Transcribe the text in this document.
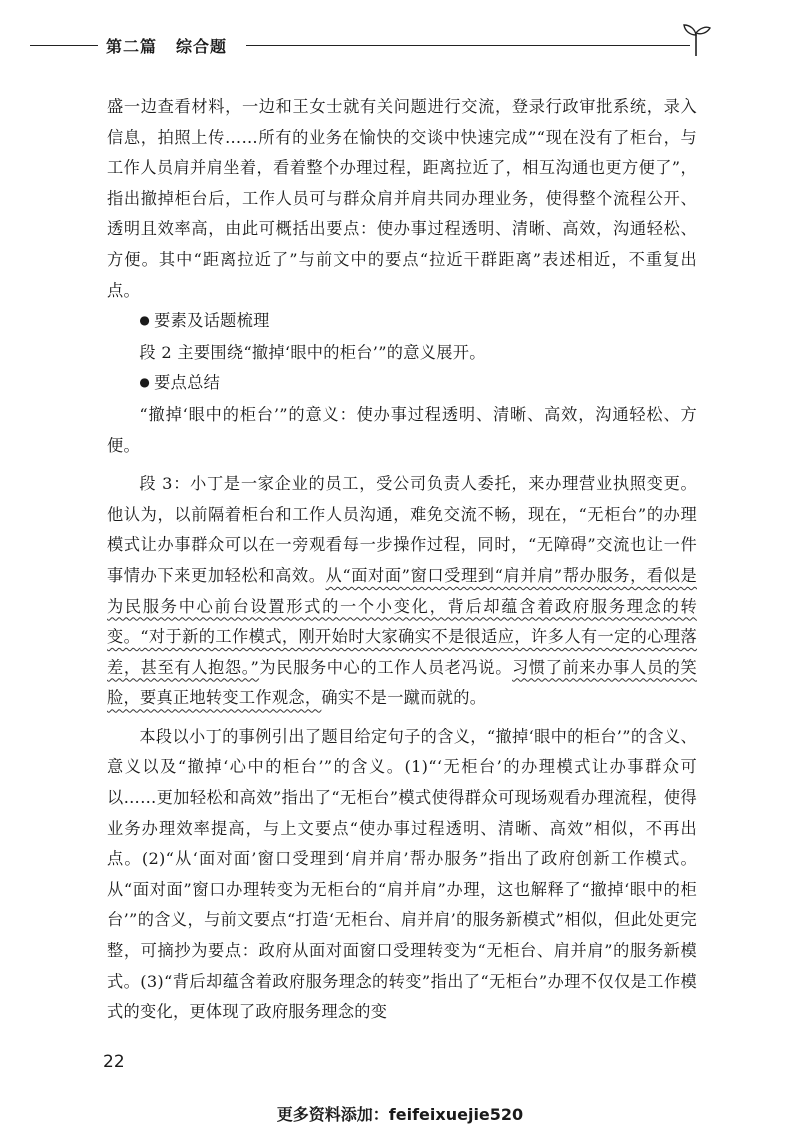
第二篇 综合题

盛一边查看材料，一边和王女士就有关问题进行交流，登录行政审批系统，录入信息，拍照上传……所有的业务在愉快的交谈中快速完成”“现在没有了柜台，与工作人员肩并肩坐着，看着整个办理过程，距离拉近了，相互沟通也更方便了”，指出撤掉柜台后，工作人员可与群众肩并肩共同办理业务，使得整个流程公开、透明且效率高，由此可概括出要点：使办事过程透明、清晰、高效，沟通轻松、方便。其中“距离拉近了”与前文中的要点“拉近干群距离”表述相近，不重复出点。

● 要素及话题梳理

段 2 主要围绕“撤掉‘眼中的柜台’”的意义展开。

● 要点总结

“撤掉‘眼中的柜台’”的意义：使办事过程透明、清晰、高效，沟通轻松、方便。

段 3：小丁是一家企业的员工，受公司负责人委托，来办理营业执照变更。他认为，以前隔着柜台和工作人员沟通，难免交流不畅，现在，“无柜台”的办理模式让办事群众可以在一旁观看每一步操作过程，同时，“无障碍”交流也让一件事情办下来更加轻松和高效。从“面对面”窗口受理到“肩并肩”帮办服务，看似是为民服务中心前台设置形式的一个小变化，背后却蕴含着政府服务理念的转变。“对于新的工作模式，刚开始时大家确实不是很适应，许多人有一定的心理落差，甚至有人抱怨。”为民服务中心的工作人员老冯说。习惯了前来办事人员的笑脸，要真正地转变工作观念，确实不是一蹴而就的。

本段以小丁的事例引出了题目给定句子的含义，“撤掉‘眼中的柜台’”的含义、意义以及“撤掉‘心中的柜台’”的含义。(1)“‘无柜台’的办理模式让办事群众可以……更加轻松和高效”指出了“无柜台”模式使得群众可现场观看办理流程，使得业务办理效率提高，与上文要点“使办事过程透明、清晰、高效”相似，不再出点。(2)“从‘面对面’窗口受理到‘肩并肩’帮办服务”指出了政府创新工作模式。从“面对面”窗口办理转变为无柜台的“肩并肩”办理，这也解释了“撤掉‘眼中的柜台’”的含义，与前文要点“打造‘无柜台、肩并肩’的服务新模式”相似，但此处更完整，可摘抄为要点：政府从面对面窗口受理转变为“无柜台、肩并肩”的服务新模式。(3)“背后却蕴含着政府服务理念的转变”指出了“无柜台”办理不仅仅是工作模式的变化，更体现了政府服务理念的变

22
更多资料添加：feifeixuejie520
